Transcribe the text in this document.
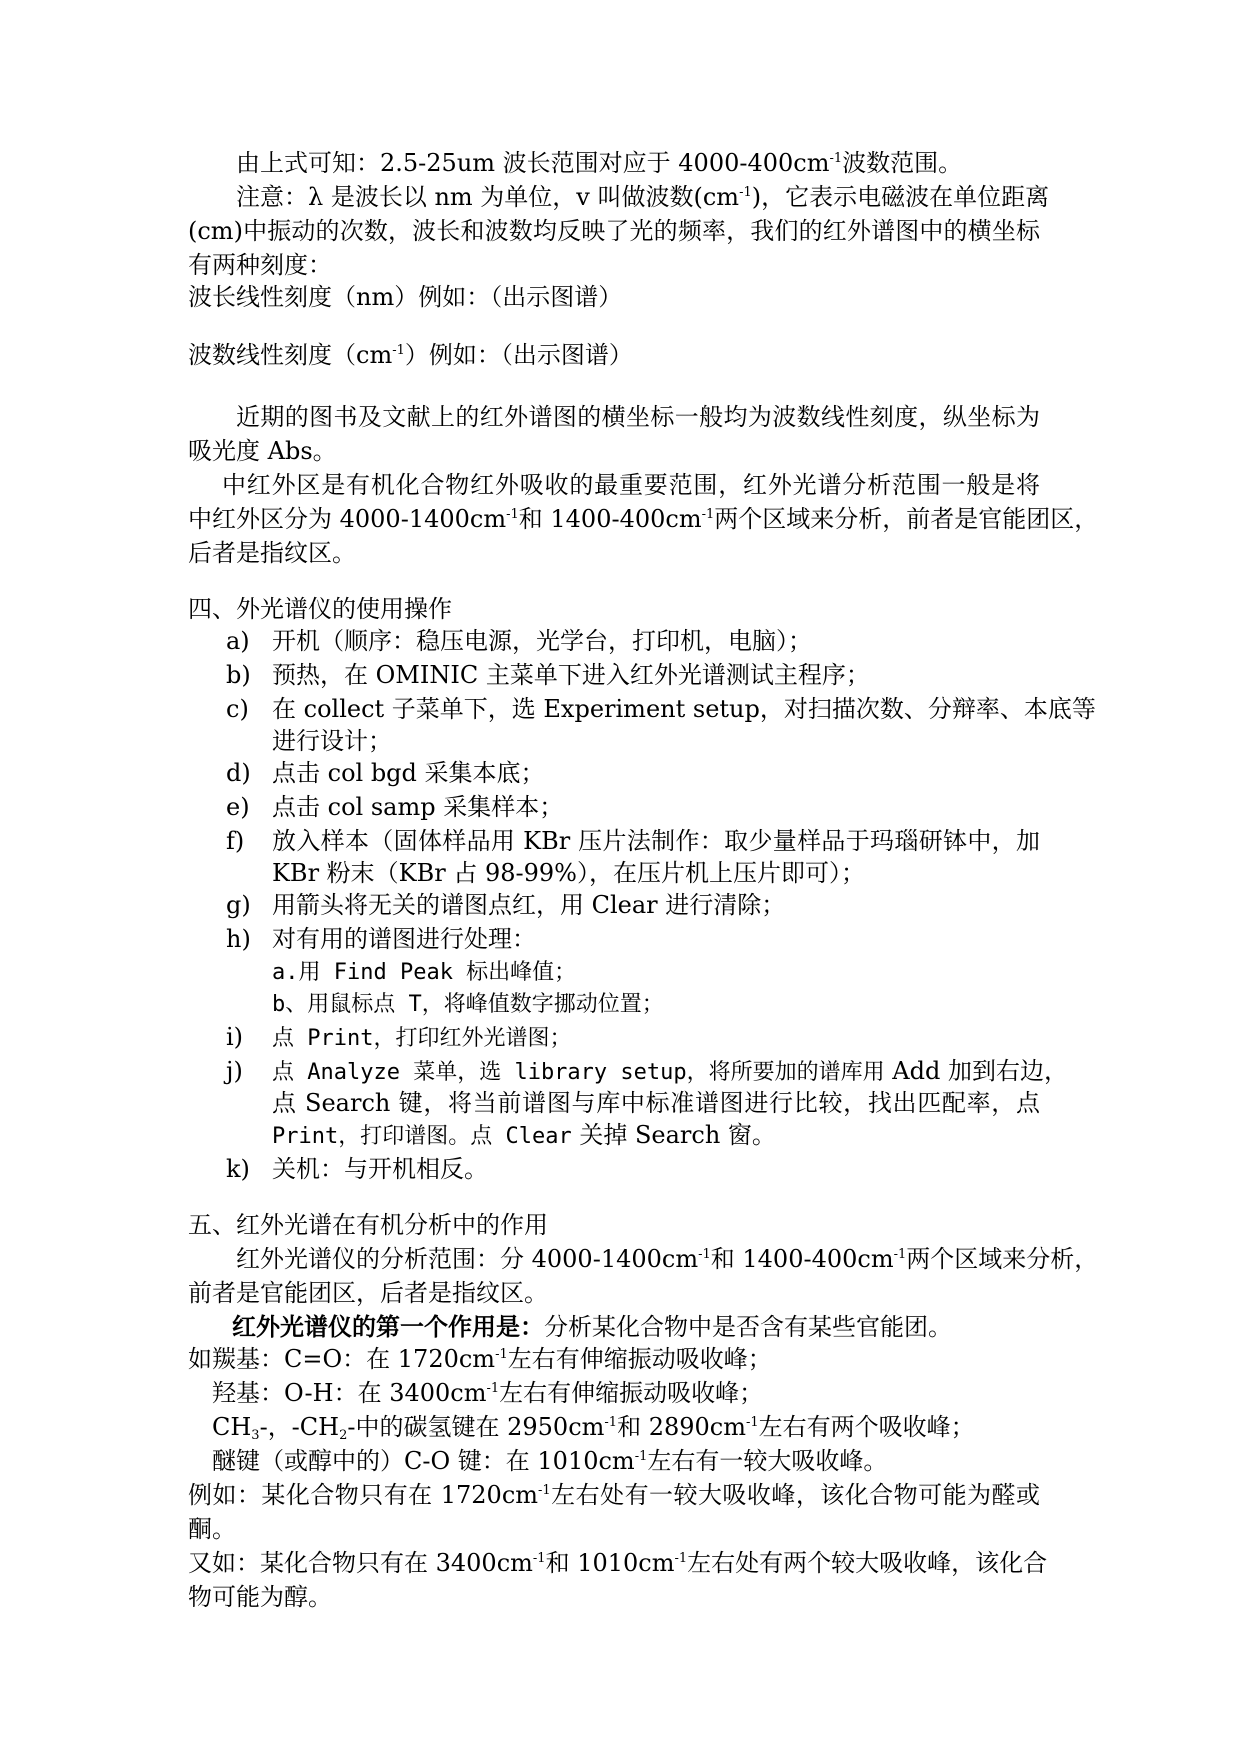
由上式可知：2.5-25um 波长范围对应于 $4000-400cm^{-1}$波数范围。
注意：λ 是波长以 nm 为单位，v 叫做波数$(cm^{-1})$，它表示电磁波在单位距离
(cm)中振动的次数，波长和波数均反映了光的频率，我们的红外谱图中的横坐标
有两种刻度：
波长线性刻度（nm）例如：（出示图谱）
波数线性刻度$(cm^{-1})$例如：（出示图谱）
近期的图书及文献上的红外谱图的横坐标一般均为波数线性刻度，纵坐标为
吸光度 Abs。
中红外区是有机化合物红外吸收的最重要范围，红外光谱分析范围一般是将
中红外区分为 $4000-1400cm^{-1}$和 $1400-400cm^{-1}$两个区域来分析，前者是官能团区，
后者是指纹区。
四、外光谱仪的使用操作
a)
b)
c)
d)
e)
f)
g)
h)
i)
j)
k)
开机（顺序：稳压电源，光学台，打印机，电脑）；
预热，在 OMINIC 主菜单下进入红外光谱测试主程序；
在 collect 子菜单下，选 Experiment setup，对扫描次数、分辩率、本底等
进行设计；
点击 col bgd 采集本底；
点击 col samp 采集样本；
放入样本（固体样品用 KBr 压片法制作：取少量样品于玛瑙研钵中，加
KBr 粉末（KBr 占 98-99%），在压片机上压片即可）；
用箭头将无关的谱图点红，用 Clear 进行清除；
对有用的谱图进行处理：
a.用 Find Peak 标出峰值；
b、用鼠标点 T，将峰值数字挪动位置；
点 Print，打印红外光谱图；
点 Analyze 菜单，选 library setup，将所要加的谱库用 Add 加到右边，
点 Search 键，将当前谱图与库中标准谱图进行比较，找出匹配率，点
Print，打印谱图。点 Clear 关掉 Search 窗。
关机：与开机相反。
五、红外光谱在有机分析中的作用
红外光谱仪的分析范围：分 $4000-1400cm^{-1}$和 $1400-400cm^{-1}$两个区域来分析，
前者是官能团区，后者是指纹区。
红外光谱仪的第一个作用是：分析某化合物中是否含有某些官能团。
如羰基：C=O：在 $1720cm^{-1}$左右有伸缩振动吸收峰；
羟基：O-H：在 $3400cm^{-1}$左右有伸缩振动吸收峰；
$CH_3-$，$-CH_2-$中的碳氢键在 $2950cm^{-1}$和 $2890cm^{-1}$左右有两个吸收峰；
醚键（或醇中的）C-O 键：在 $1010cm^{-1}$左右有一较大吸收峰。
例如：某化合物只有在 $1720cm^{-1}$左右处有一较大吸收峰，该化合物可能为醛或
酮。
又如：某化合物只有在 $3400cm^{-1}$和 $1010cm^{-1}$左右处有两个较大吸收峰，该化合
物可能为醇。
